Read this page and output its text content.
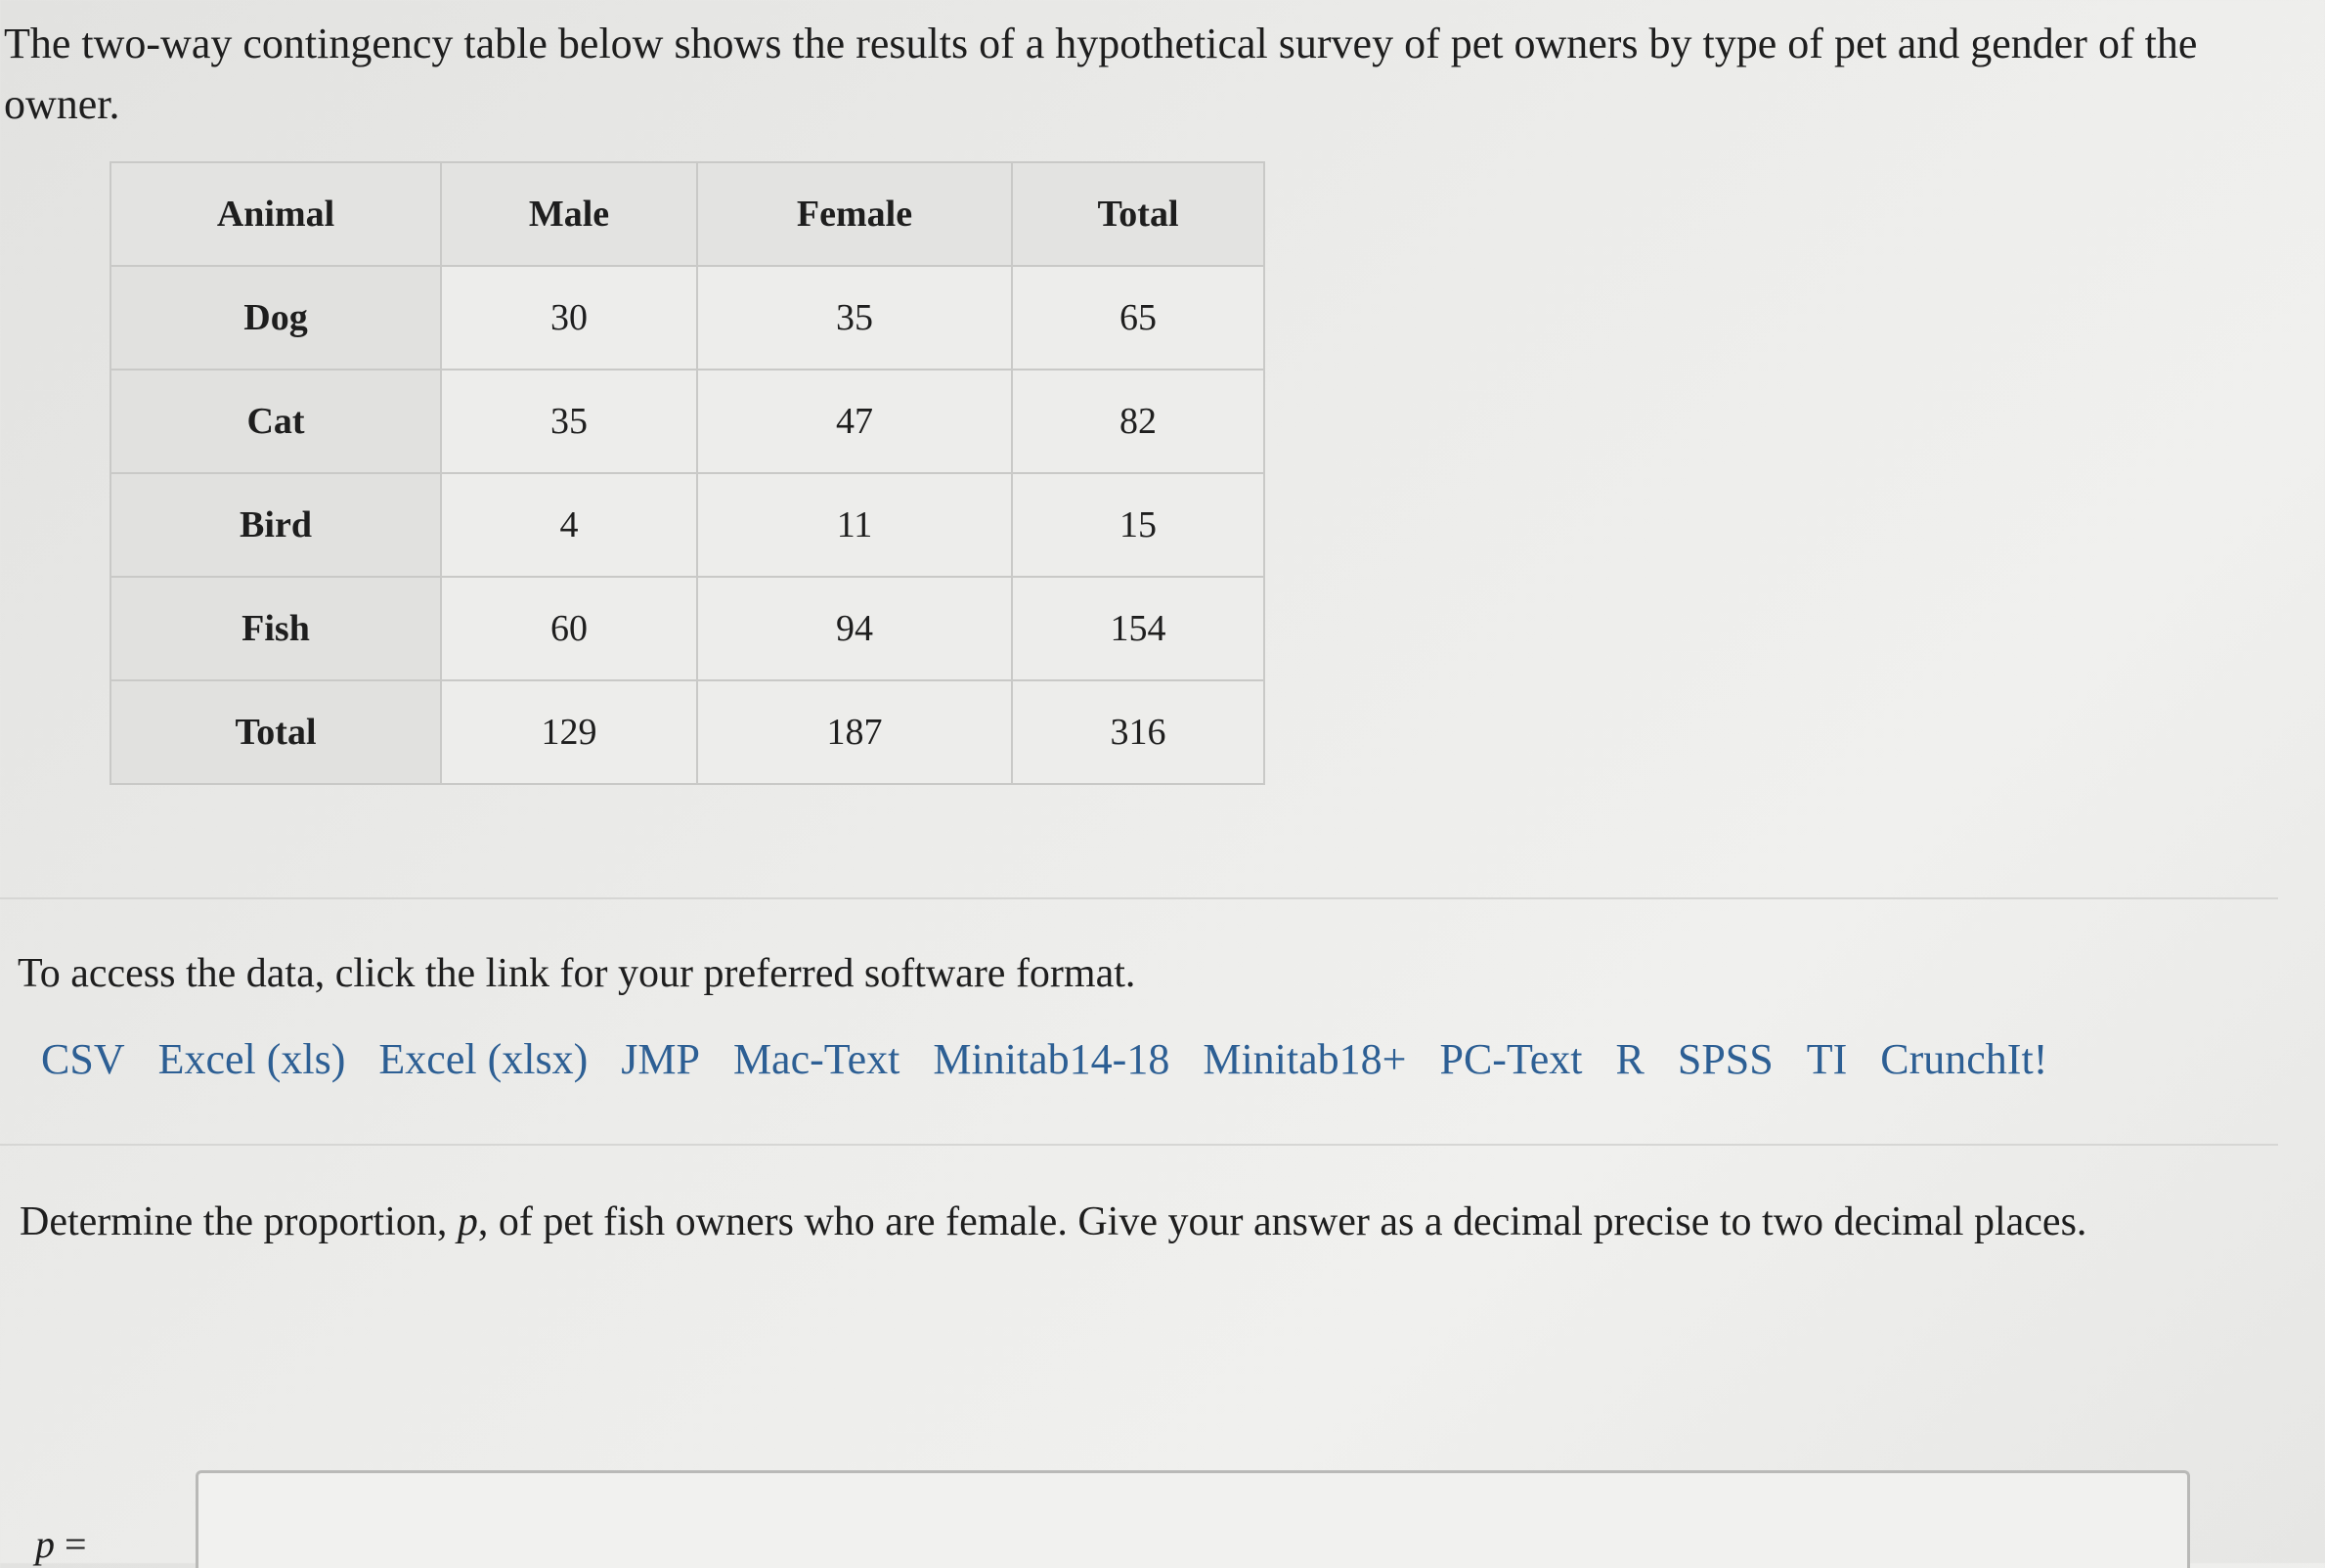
The two-way contingency table below shows the results of a hypothetical survey of pet owners by type of pet and gender of the owner.

Animal	Male	Female	Total
Dog	30	35	65
Cat	35	47	82
Bird	4	11	15
Fish	60	94	154
Total	129	187	316

To access the data, click the link for your preferred software format.

CSV Excel (xls) Excel (xlsx) JMP Mac-Text Minitab14-18 Minitab18+ PC-Text R SPSS TI CrunchIt!

Determine the proportion, p, of pet fish owners who are female. Give your answer as a decimal precise to two decimal places.

p =
